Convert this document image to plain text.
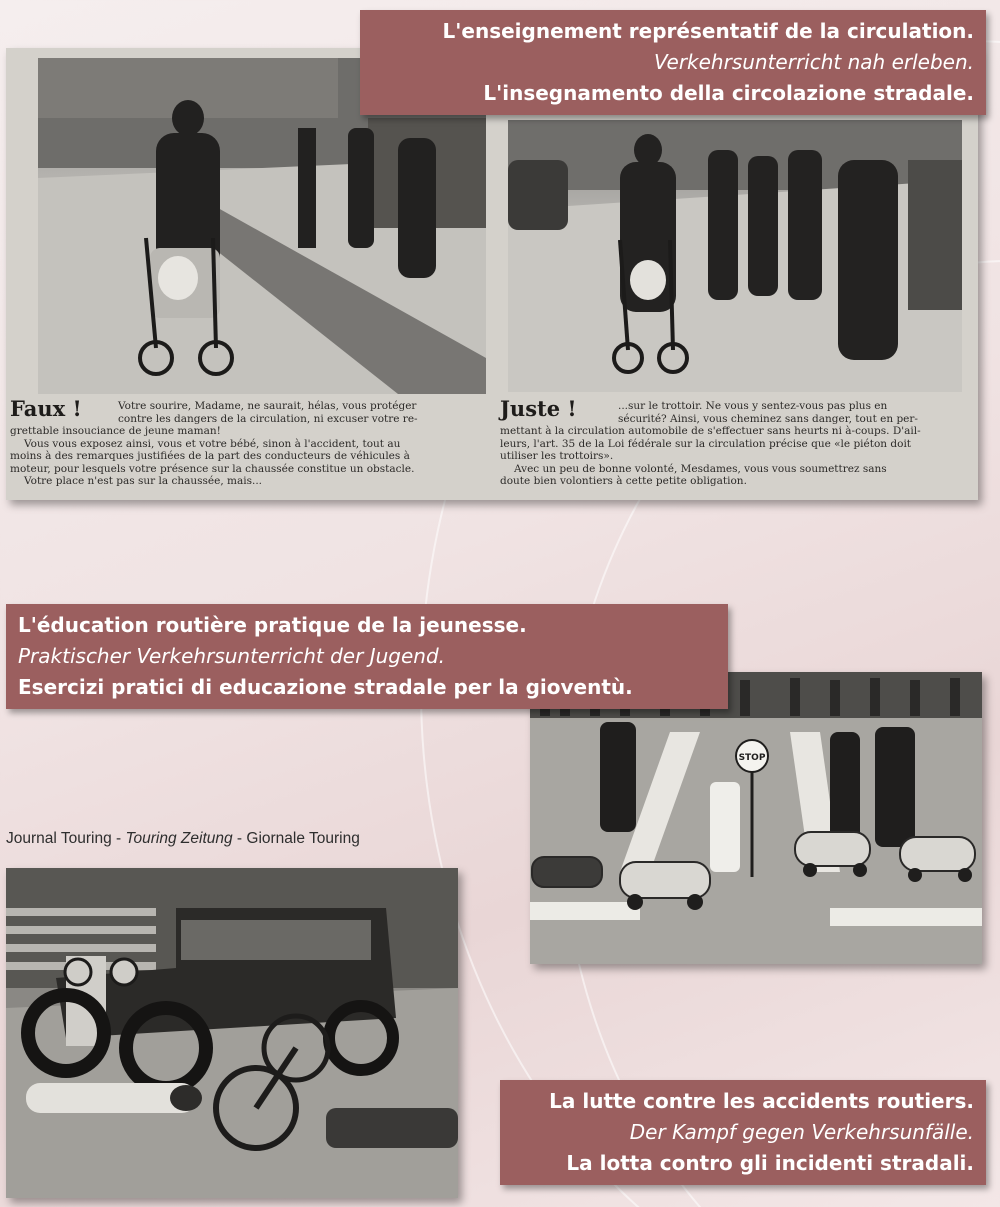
Faux !	Votre sourire, Madame, ne saurait, hélas, vous protéger

contre les dangers de la circulation, ni excuser votre re-

grettable insouciance de jeune maman!

Vous vous exposez ainsi, vous et votre bébé, sinon à l'accident, tout au

moins à des remarques justifiées de la part des conducteurs de véhicules à

moteur, pour lesquels votre présence sur la chaussée constitue un obstacle.

Votre place n'est pas sur la chaussée, mais...

Juste !	...sur le trottoir. Ne vous y sentez-vous pas plus en

sécurité? Ainsi, vous cheminez sans danger, tout en per-

mettant à la circulation automobile de s'effectuer sans heurts ni à-coups. D'ail-

leurs, l'art. 35 de la Loi fédérale sur la circulation précise que «le piéton doit

utiliser les trottoirs».

Avec un peu de bonne volonté, Mesdames, vous vous soumettrez sans

doute bien volontiers à cette petite obligation.

L'enseignement représentatif de la circulation.
Verkehrsunterricht nah erleben.
L'insegnamento della circolazione stradale.
L'éducation routière pratique de la jeunesse.
Praktischer Verkehrsunterricht der Jugend.
Esercizi pratici di educazione stradale per la gioventù.
STOP
Journal Touring - Touring Zeitung - Giornale Touring
La lutte contre les accidents routiers.
Der Kampf gegen Verkehrsunfälle.
La lotta contro gli incidenti stradali.
